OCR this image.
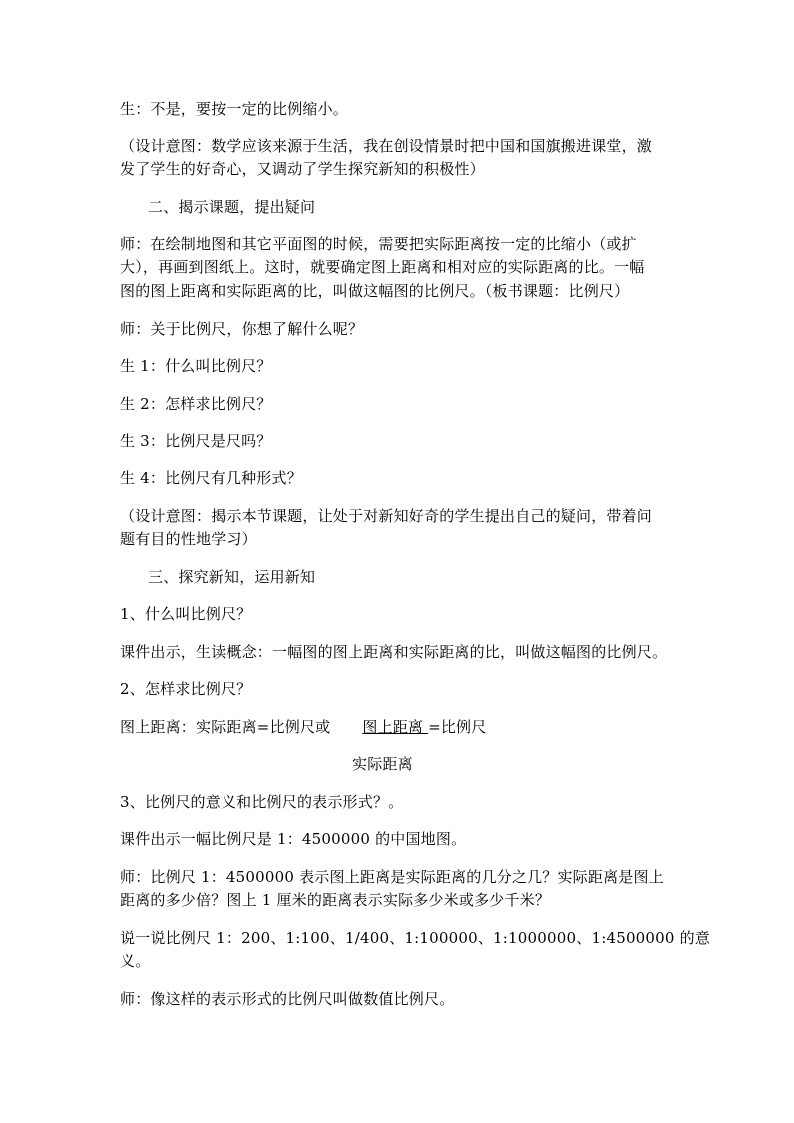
生：不是，要按一定的比例缩小。
（设计意图：数学应该来源于生活，我在创设情景时把中国和国旗搬进课堂，激
发了学生的好奇心，又调动了学生探究新知的积极性）
二、揭示课题，提出疑问
师：在绘制地图和其它平面图的时候，需要把实际距离按一定的比缩小（或扩
大），再画到图纸上。这时，就要确定图上距离和相对应的实际距离的比。一幅
图的图上距离和实际距离的比，叫做这幅图的比例尺。（板书课题：比例尺）
师：关于比例尺，你想了解什么呢？
生 1：什么叫比例尺？
生 2：怎样求比例尺？
生 3：比例尺是尺吗？
生 4：比例尺有几种形式？
（设计意图：揭示本节课题，让处于对新知好奇的学生提出自己的疑问，带着问
题有目的性地学习）
三、探究新知，运用新知
1、什么叫比例尺？
课件出示，生读概念：一幅图的图上距离和实际距离的比，叫做这幅图的比例尺。
2、怎样求比例尺？
图上距离：实际距离=比例尺或 图上距离 =比例尺
实际距离
3、比例尺的意义和比例尺的表示形式？。
课件出示一幅比例尺是 1：4500000 的中国地图。
师：比例尺 1：4500000 表示图上距离是实际距离的几分之几？实际距离是图上
距离的多少倍？图上 1 厘米的距离表示实际多少米或多少千米？
说一说比例尺 1：200、1:100、1/400、1:100000、1:1000000、1:4500000 的意
义。
师：像这样的表示形式的比例尺叫做数值比例尺。
